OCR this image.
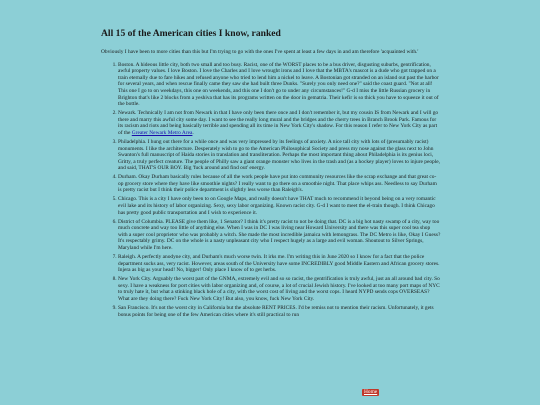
All 15 of the American cities I know, ranked

Obviously I have been to more cities than this but I'm trying to go with the ones I've spent at least a few days in and am therefore 'acquainted with.'

1. Boston. A hideous little city, both two small and too busy. Racist, one of the WORST places to be a bus driver, disgusting suburbs, gentrification, awful property values. I love Boston. I love the Charles and I love wrought irons and I love that the MBTA's mascot is a dude who got trapped on a train eternally due to fare hikes and refused anyone who tried to lend him a nickel to leave. A Bostonian got stranded on an island out past the harbor for several years, and when rescue finally came they saw she had built three Dunks. "Surely you only need one?" said the coast guard. "Not at all! This one I go to on weekdays, this one on weekends, and this one I don't go to under any circumstances!" G-d I miss the little Russian grocery in Brighton that's like 2 blocks from a yeshiva that has its programs written on the door in gematria. Their kefir is so thick you have to squeeze it out of the bottle.
2. Newark. Technically I am not from Newark in that I have only been there once and I don't remember it, but my cousin IS from Newark and I will go there and marry this awful city some day. I want to see the really long mural and the bridges and the cherry trees in Branch Brook Park. Famous for its racism and riots and being basically terrible and spending all its time in New York City's shadow. For this reason I refer to New York City as part of the Greater Newark Metro Area.
3. Philadelphia. I hung out there for a while once and was very impressed by its feelings of anxiety. A nice tall city with lots of (presumably racist) monuments. I like the architecture. Desperately wish to go to the American Philosophical Society and press my nose against the glass next to John Swanton's full manuscript of Haida stories in translation and transliteration. Perhaps the most important thing about Philadelphia is its genius loci, Gritty, a truly perfect creature. The people of Philly saw a giant orange monster who lives in the trash and (as a hockey player) loves to injure people, and said, THAT'S OUR BOY. Big 'fuck around and find out' energy.
4. Durham. Okay Durham basically rules because of all the work people have put into community resources like the scrap exchange and that great co-op grocery store where they have like smoothie nights? I really want to go there on a smoothie night. That place whips ass. Needless to say Durham is pretty racist but I think their police department is slightly less worse than Raleigh's.
5. Chicago. This is a city I have only been to on Google Maps, and really doesn't have THAT much to recommend it beyond being on a very romantic evil lake and its history of labor organizing. Sexy, sexy labor organizing. Known racist city. G-d I want to meet the el-train though. I think Chicago has pretty good public transportation and I wish to experience it.
6. District of Columbia. PLEASE give them like, 1 Senator? I think it's pretty racist to not be doing that. DC is a big hot nasty swamp of a city, way too much concrete and way too little of anything else. When I was in DC I was living near Howard University and there was this super cool tea shop with a super cool proprietor who was probably a witch. She made the most incredible jamaica with lemongrass. The DC Metro is like, Okay I Guess? It's respectably grimy. DC on the whole is a nasty unpleasant city who I respect hugely as a large and evil woman. Shoutout to Silver Springs, Maryland while I'm here.
7. Raleigh. A perfectly anodyne city, and Durham's much worse twin. It irks me. I'm writing this in June 2020 so I know for a fact that the police department sucks ass, very racist. However, areas south of the University have some INCREDIBLY good Middle Eastern and African grocery stores. Injera as big as your head! No, bigger! Only place I know of to get herbs.
8. New York City. Arguably the worst part of the GNMA, extremely evil and so so racist, the gentrification is truly awful, just an all around bad city. So sexy. I have a weakness for port cities with labor organizing and, of course, a lot of crucial Jewish history. I've looked at too many port maps of NYC to truly hate it, but what a stinking black hole of a city, with the worst cost of living and the worst cops. I heard NYPD sends cops OVERSEAS? What are they doing there? Fuck New York City! But also, you know, fuck New York City.
9. San Francisco. It's not the worst city in California but the absolute RENT PRICES. I'd be remiss not to mention their racism. Unfortunately, it gets bonus points for being one of the few American cities where it's still practical to run
Home
